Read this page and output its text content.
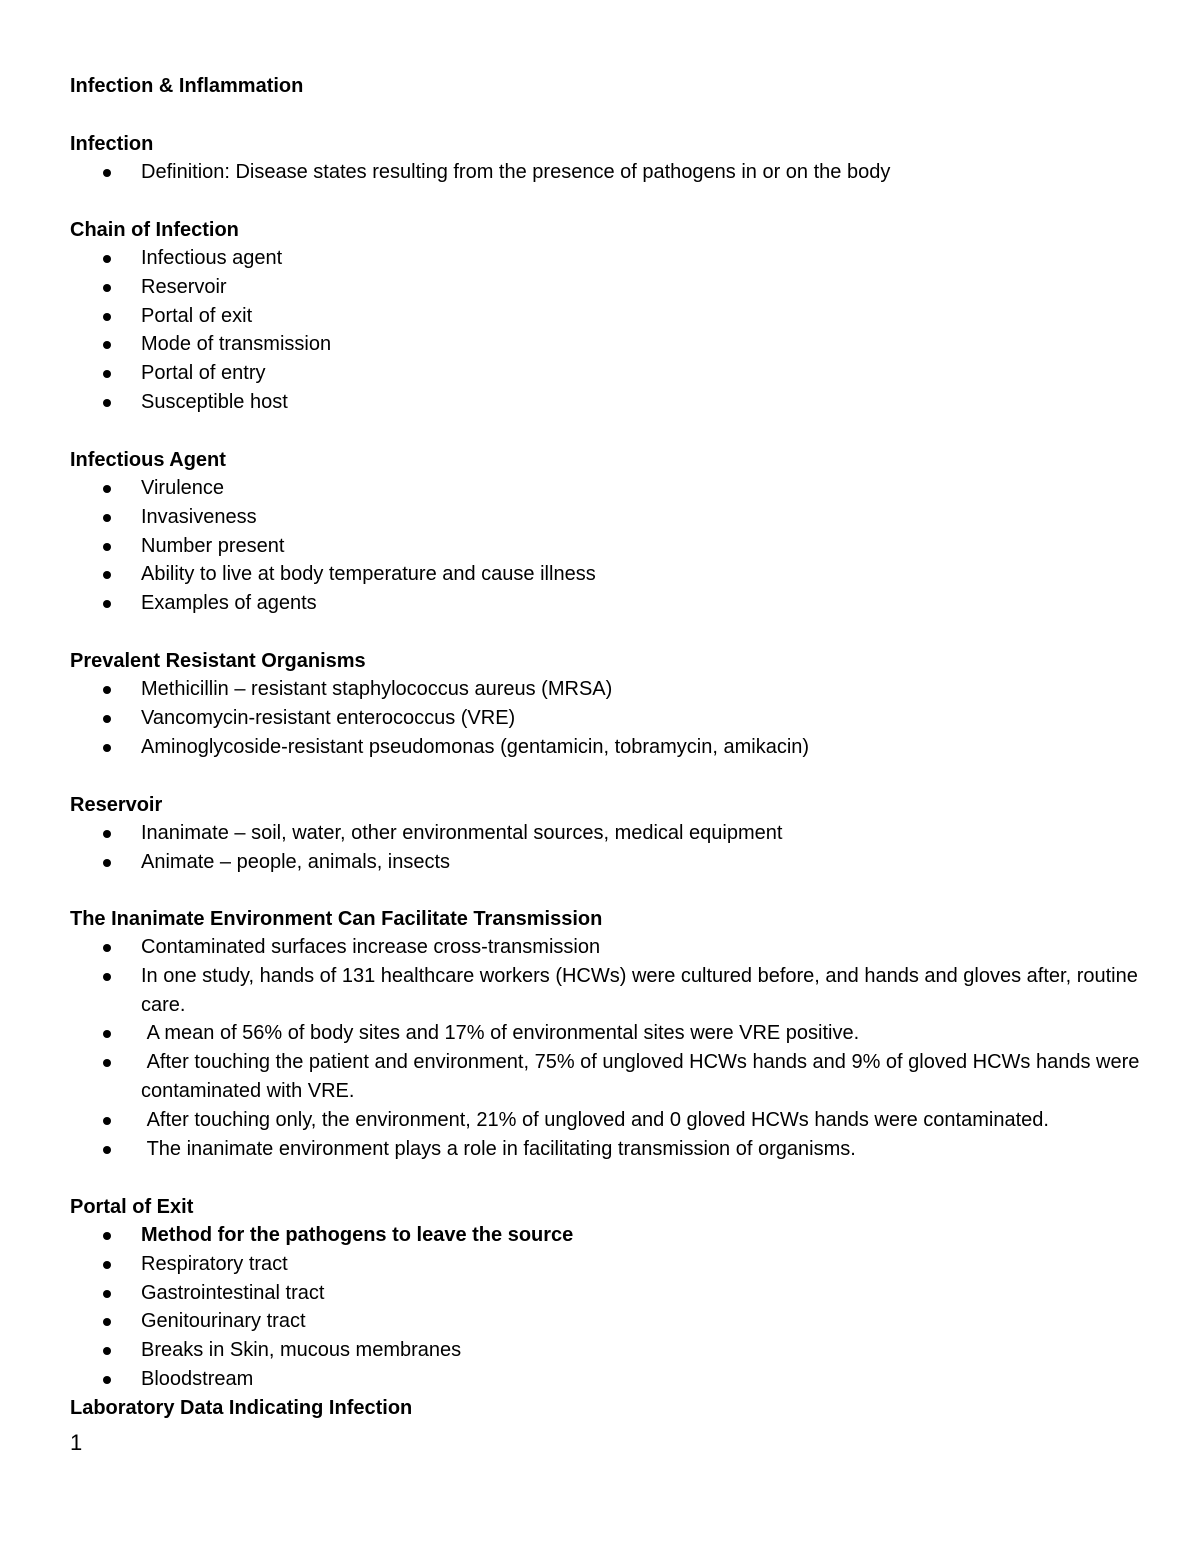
Infection & Inflammation
Infection
Definition: Disease states resulting from the presence of pathogens in or on the body
Chain of Infection
Infectious agent
Reservoir
Portal of exit
Mode of transmission
Portal of entry
Susceptible host
Infectious Agent
Virulence
Invasiveness
Number present
Ability to live at body temperature and cause illness
Examples of agents
Prevalent Resistant Organisms
Methicillin – resistant staphylococcus aureus (MRSA)
Vancomycin-resistant enterococcus (VRE)
Aminoglycoside-resistant pseudomonas (gentamicin, tobramycin, amikacin)
Reservoir
Inanimate – soil, water, other environmental sources, medical equipment
Animate – people, animals, insects
The Inanimate Environment Can Facilitate Transmission
Contaminated surfaces increase cross-transmission
In one study, hands of 131 healthcare workers (HCWs) were cultured before, and hands and gloves after, routine care.
A mean of 56% of body sites and 17% of environmental sites were VRE positive.
After touching the patient and environment, 75% of ungloved HCWs hands and 9% of gloved HCWs hands were contaminated with VRE.
After touching only, the environment, 21% of ungloved and 0 gloved HCWs hands were contaminated.
The inanimate environment plays a role in facilitating transmission of organisms.
Portal of Exit
Method for the pathogens to leave the source
Respiratory tract
Gastrointestinal tract
Genitourinary tract
Breaks in Skin, mucous membranes
Bloodstream
Laboratory Data Indicating Infection
1
